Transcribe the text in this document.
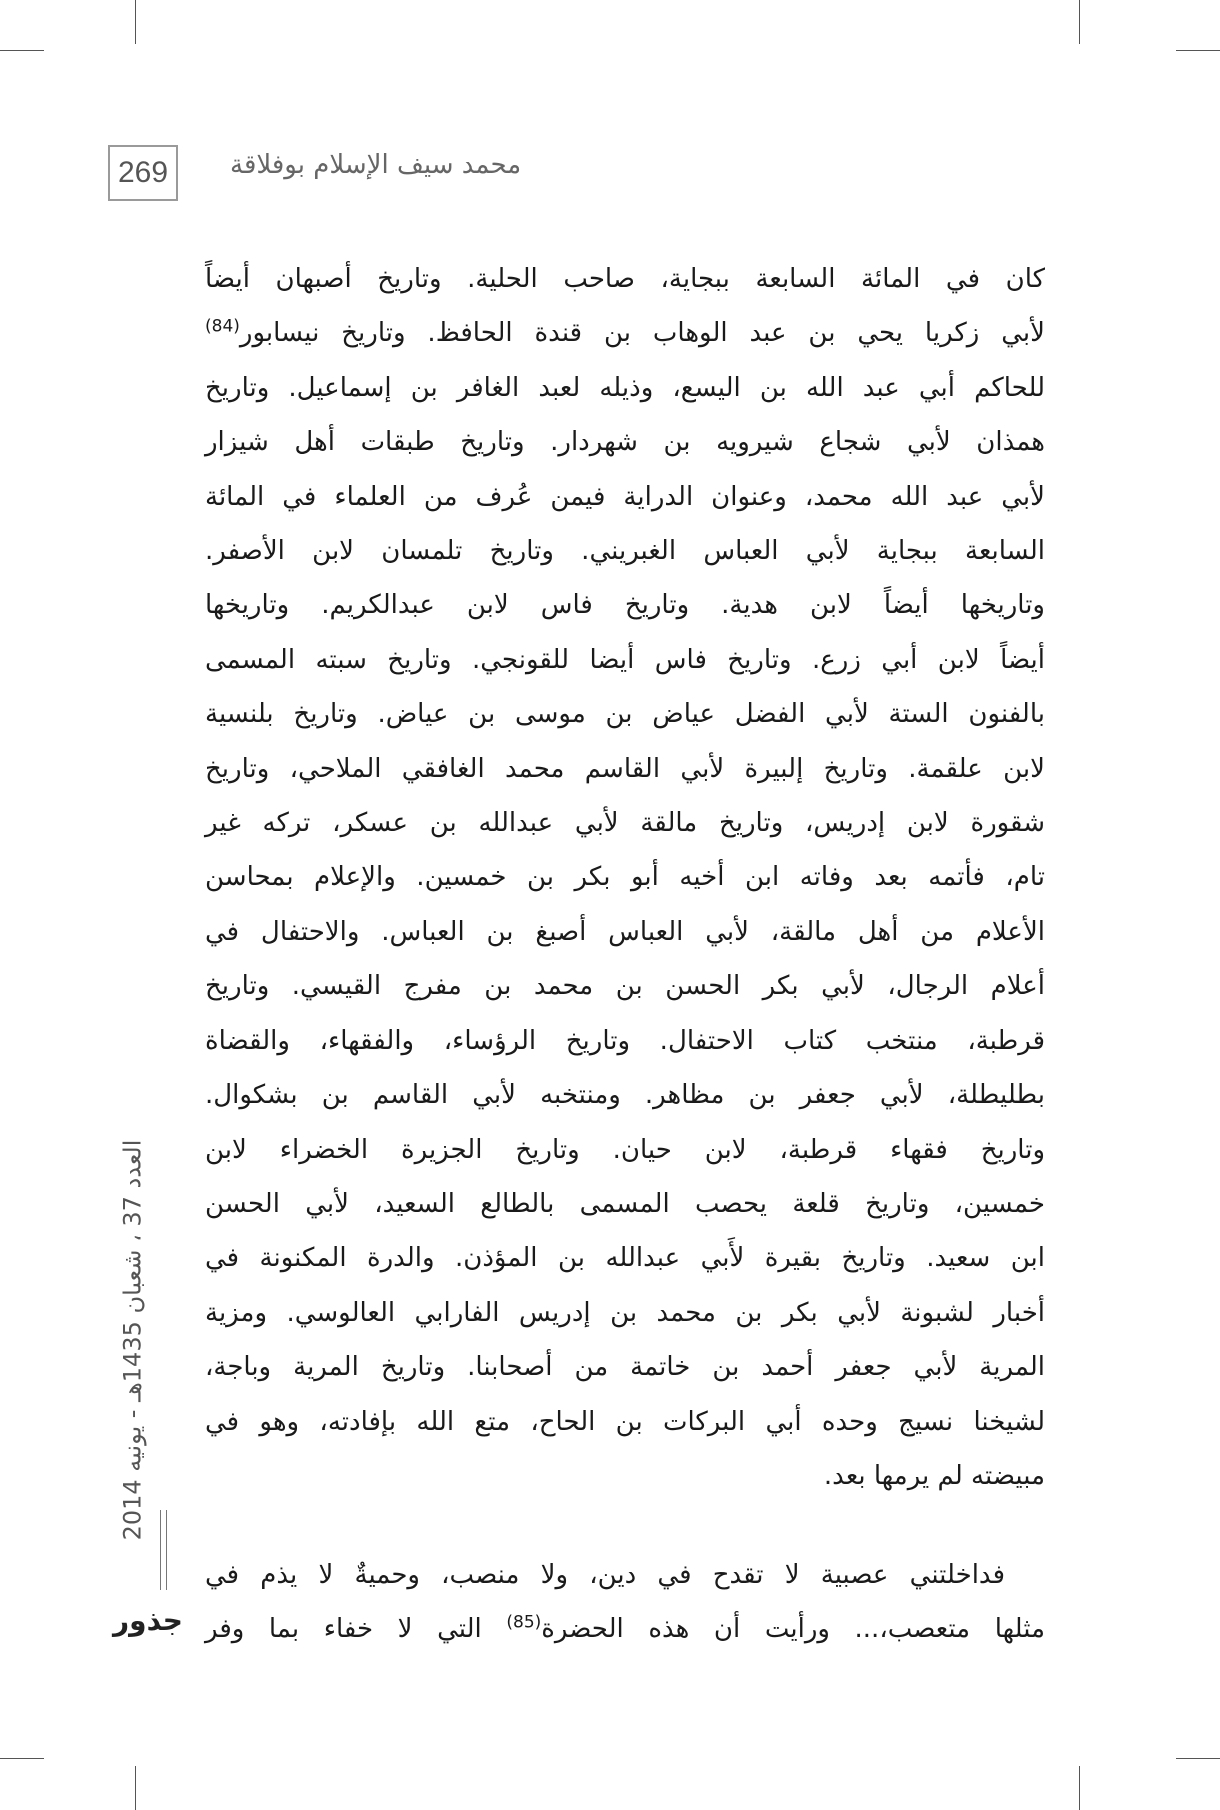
269	محمد سيف الإسلام بوفلاقة
كان في المائة السابعة ببجاية، صاحب الحلية. وتاريخ أصبهان أيضاً
لأبي زكريا يحي بن عبد الوهاب بن قندة الحافظ. وتاريخ نيسابور$^{(84)}$
للحاكم أبي عبد الله بن اليسع، وذيله لعبد الغافر بن إسماعيل. وتاريخ
همذان لأبي شجاع شيرويه بن شهردار. وتاريخ طبقات أهل شيزار
لأبي عبد الله محمد، وعنوان الدراية فيمن عُرف من العلماء في المائة
السابعة ببجاية لأبي العباس الغبريني. وتاريخ تلمسان لابن الأصفر.
وتاريخها أيضاً لابن هدية. وتاريخ فاس لابن عبدالكريم. وتاريخها
أيضاً لابن أبي زرع. وتاريخ فاس أيضا للقونجي. وتاريخ سبته المسمى
بالفنون الستة لأبي الفضل عياض بن موسى بن عياض. وتاريخ بلنسية
لابن علقمة. وتاريخ إلبيرة لأبي القاسم محمد الغافقي الملاحي، وتاريخ
شقورة لابن إدريس، وتاريخ مالقة لأبي عبدالله بن عسكر، تركه غير
تام، فأتمه بعد وفاته ابن أخيه أبو بكر بن خمسين. والإعلام بمحاسن
الأعلام من أهل مالقة، لأبي العباس أصبغ بن العباس. والاحتفال في
أعلام الرجال، لأبي بكر الحسن بن محمد بن مفرج القيسي. وتاريخ
قرطبة، منتخب كتاب الاحتفال. وتاريخ الرؤساء، والفقهاء، والقضاة
بطليطلة، لأبي جعفر بن مظاهر. ومنتخبه لأبي القاسم بن بشكوال.
وتاريخ فقهاء قرطبة، لابن حيان. وتاريخ الجزيرة الخضراء لابن
خمسين، وتاريخ قلعة يحصب المسمى بالطالع السعيد، لأبي الحسن
ابن سعيد. وتاريخ بقيرة لأَبي عبدالله بن المؤذن. والدرة المكنونة في
أخبار لشبونة لأبي بكر بن محمد بن إدريس الفارابي العالوسي. ومزية
المرية لأبي جعفر أحمد بن خاتمة من أصحابنا. وتاريخ المرية وباجة،
لشيخنا نسيج وحده أبي البركات بن الحاح، متع الله بإفادته، وهو في
مبيضته لم يرمها بعد.
فداخلتني عصبية لا تقدح في دين، ولا منصب، وحميةٌ لا يذم في
مثلها متعصب،... ورأيت أن هذه الحضرة$^{(85)}$ التي لا خفاء بما وفر
العدد 37 ، شعبان 1435هـ - يونيه 2014
جذور
